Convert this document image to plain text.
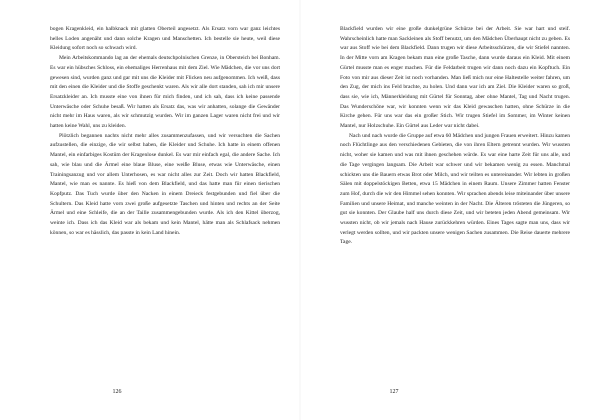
bogen Kragenkleid, ein halbknack mit glatten Oberteil angesetzt. Als Ersatz vorn war ganz leichtes helles Loden angenäht und dann solche Kragen und Manschetten. Ich bestelle sie heute, weil diese Kleidung sofort noch so schwach wird.

Mein Arbeitskommando lag an der ehemals deutschpolnischen Grenze, in Obersteich bei Bonham. Es war ein hübsches Schloss, ein ehemaliges Herrenhaus mit dem Ziel. Wie Mädchen, die vor uns dort gewesen sind, wurden ganz und gar mit uns die Kleider mit Flicken neu aufgenommen. Ich weiß, dass mit den einen die Kleider und die Stoffe geschenkt waren. Als wir alle dort standen, sah ich mir unsere Ersatzkleider an. Ich musste eine von ihnen für mich finden, und ich sah, dass ich keine passende Unterwäsche oder Schuhe besaß. Wir hatten als Ersatz das, was wir anhatten, solange die Gewänder nicht mehr im Haus waren, als wir schmutzig wurden. Wir im ganzen Lager waren nicht frei und wir hatten keine Wahl, uns zu kleiden.

Plötzlich begannen nachts nicht mehr alles zusammenzufassen, und wir versuchten die Sachen aufzustellen, die einzige, die wir selbst haben, die Kleider und Schuhe. Ich hatte in einem offenen Mantel, ein einfarbiges Kostüm der Kragenlose dunkel. Es war mir einfach egal, die andere Sache. Ich sah, wie blau und die Ärmel eine blaue Bluse, eine weiße Bluse, etwas wie Unterwäsche, einen Trainingsanzug und vor allem Unterhosen, es war nicht alles zur Zeit. Doch wir hatten Blackfield, Mantel, wie man es nannte. Es hieß von dem Blackfield, und das hatte man für einen tierischen Kopfputz. Das Tuch wurde über den Nacken in einem Dreieck festgebunden und fiel über die Schultern. Das Kleid hatte vorn zwei große aufgesetzte Taschen und hinten und rechts an der Seite Ärmel und eine Schleife, die an der Taille zusammengebunden wurde. Als ich den Kittel überzog, weinte ich. Dass ich das Kleid war als bekam und kein Mantel, hätte man als Schlafsack nehmen können, so war es hässlich, das passte in kein Land hinein.

Blackfield wurden wir eine große dunkelgrüne Schürze bei der Arbeit. Sie war hart und steif. Wahrscheinlich hatte man Sackleinen als Stoff benutzt, um den Mädchen Überhaupt nicht zu geben. Es war aus Stoff wie bei dem Blackfield. Dann trugen wir diese Arbeitsschürzen, die wir Stiefel nannten. In der Mitte vorn am Kragen bekam man eine große Tasche, dann wurde daraus ein Kleid. Mit einem Gürtel musste man es enger machen. Für die Feldarbeit trugen wir dann noch dazu ein Kopftuch. Ein Foto von mir aus dieser Zeit ist noch vorhanden. Man ließ mich nur eine Haltestelle weiter fahren, um den Zug, der mich ins Feld brachte, zu holen. Und dann war ich am Ziel. Die Kleider waren so groß, dass sie, wie ich, Männerkleidung mit Gürtel für Sonntag, aber ohne Mantel, Tag und Nacht trugen. Das Wunderschöne war, wir konnten wenn wir das Kleid gewaschen hatten, ohne Schürze in die Kirche gehen. Für uns war das ein großer Stich. Wir trugen Stiefel im Sommer, im Winter keinen Mantel, nur Holzschuhe. Ein Gürtel aus Leder war nicht dabei.

Nach und nach wurde die Gruppe auf etwa 60 Mädchen und jungen Frauen erweitert. Hinzu kamen noch Flüchtlinge aus den verschiedenen Gebieten, die von ihren Eltern getrennt wurden. Wir wussten nicht, woher sie kamen und was mit ihnen geschehen würde. Es war eine harte Zeit für uns alle, und die Tage vergingen langsam. Die Arbeit war schwer und wir bekamen wenig zu essen. Manchmal schickten uns die Bauern etwas Brot oder Milch, und wir teilten es untereinander. Wir lebten in großen Sälen mit doppelstöckigen Betten, etwa 15 Mädchen in einem Raum. Unsere Zimmer hatten Fenster zum Hof, durch die wir den Himmel sehen konnten. Wir sprachen abends leise miteinander über unsere Familien und unsere Heimat, und manche weinten in der Nacht. Die Älteren trösteten die Jüngeren, so gut sie konnten. Der Glaube half uns durch diese Zeit, und wir beteten jeden Abend gemeinsam. Wir wussten nicht, ob wir jemals nach Hause zurückkehren würden. Eines Tages sagte man uns, dass wir verlegt werden sollten, und wir packten unsere wenigen Sachen zusammen. Die Reise dauerte mehrere Tage.

126	127
